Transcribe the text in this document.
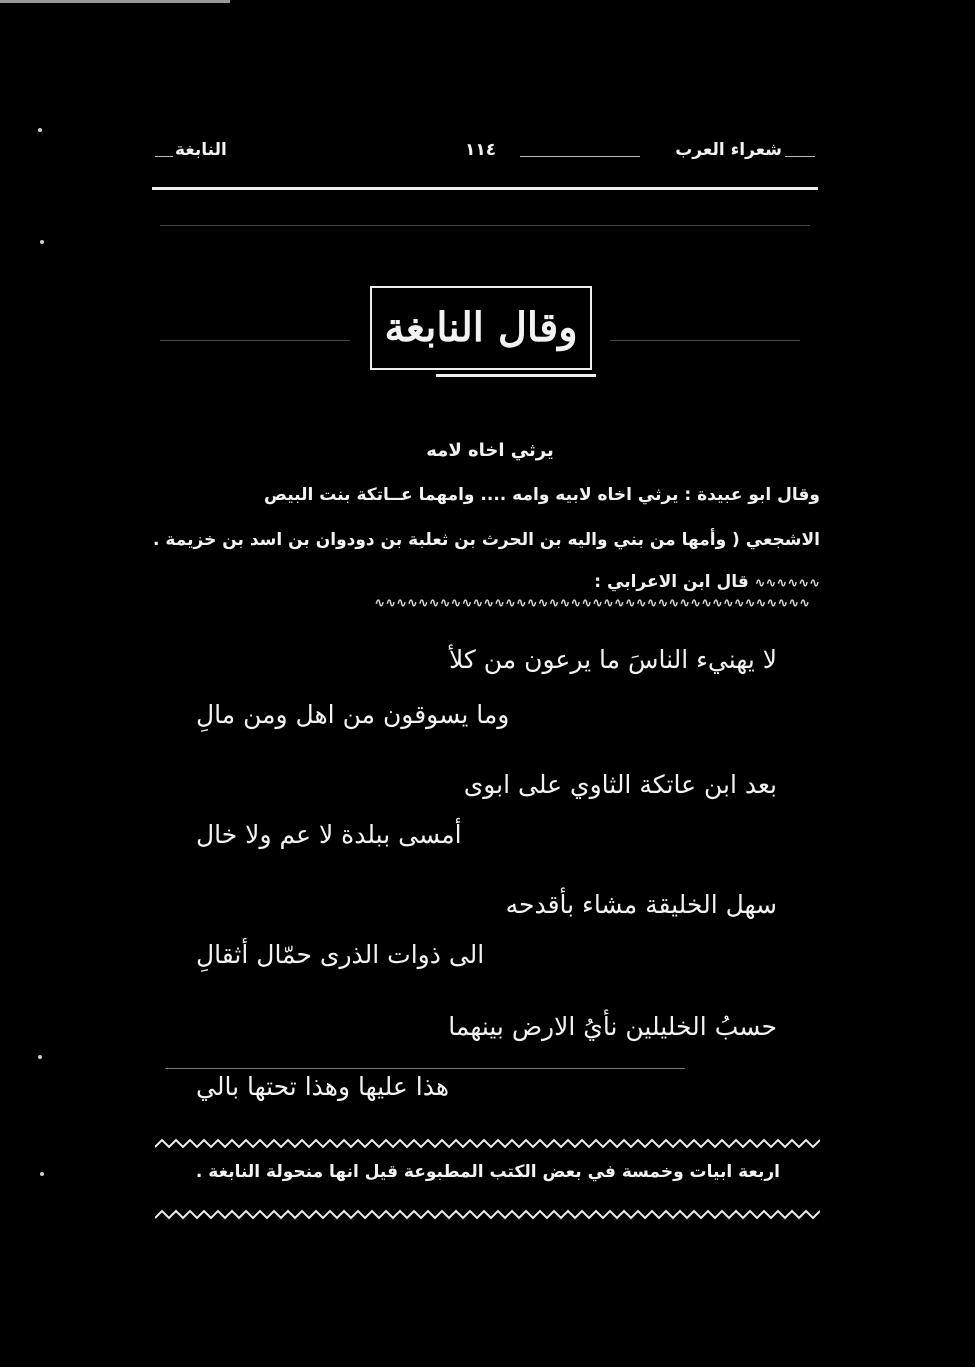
شعراء العرب
١١٤
النابغة
وقال النابغة
يرثي اخاه لامه
وقال ابو عبيدة : يرثي اخاه لابيه وامه .... وامهما عــاتكة بنت البيص
الاشجعي ( وأمها من بني واليه بن الحرث بن ثعلبة بن دودوان بن اسد بن خزيمة .
∿∿∿∿∿∿ قال ابن الاعرابي : ∿∿∿∿∿∿∿∿∿∿∿∿∿∿∿∿∿∿∿∿∿∿∿∿∿∿∿∿∿∿∿∿∿∿∿∿∿∿∿∿
لا يهنيء الناسَ ما يرعون من كلأ
وما يسوقون من اهل ومن مالِ
بعد ابن عاتكة الثاوي على ابوى
أمسى ببلدة لا عم ولا خال
سهل الخليقة مشاء بأقدحه
الى ذوات الذرى حمّال أثقالِ
حسبُ الخليلين نأيُ الارض بينهما
هذا عليها وهذا تحتها بالي
اربعة ابيات وخمسة في بعض الكتب المطبوعة قيل انها منحولة النابغة .
